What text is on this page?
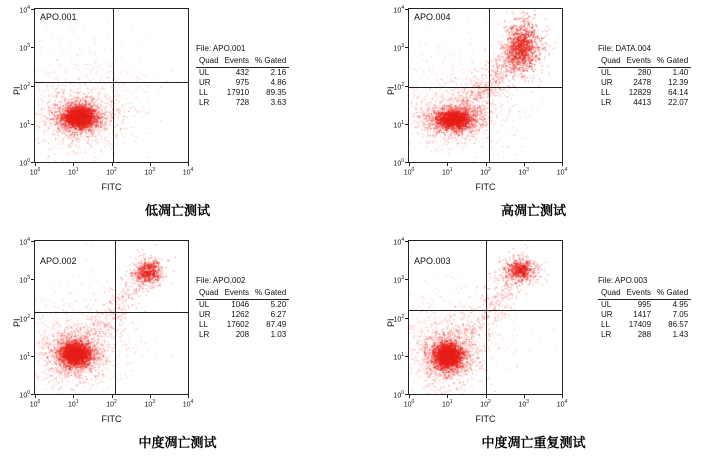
APO.001
PI
FITC
File: APO.001
Quad	Events	% Gated
UL	432	2.16
UR	975	4.86
LL	17910	89.35
LR	728	3.63
低凋亡测试
$10^0$	$10^1$	$10^2$	$10^3$	$10^4$
$10^0$
$10^1$
$10^2$
$10^3$
$10^4$
APO.004
PI
FITC
File: DATA.004
Quad	Events	% Gated
UL	280	1.40
UR	2478	12.39
LL	12829	64.14
LR	4413	22.07
高凋亡测试
$10^0$	$10^1$	$10^2$	$10^3$	$10^4$
$10^0$
$10^1$
$10^2$
$10^3$
$10^4$
APO.002
PI
FITC
File: APO.002
Quad	Events	% Gated
UL	1046	5.20
UR	1262	6.27
LL	17602	87.49
LR	208	1.03
中度凋亡测试
$10^0$	$10^1$	$10^2$	$10^3$	$10^4$
$10^0$
$10^1$
$10^2$
$10^3$
$10^4$
APO.003
PI
FITC
File: APO.003
Quad	Events	% Gated
UL	995	4.95
UR	1417	7.05
LL	17409	86.57
LR	288	1.43
中度凋亡重复测试
$10^0$	$10^1$	$10^2$	$10^3$	$10^4$
$10^0$
$10^1$
$10^2$
$10^3$
$10^4$
